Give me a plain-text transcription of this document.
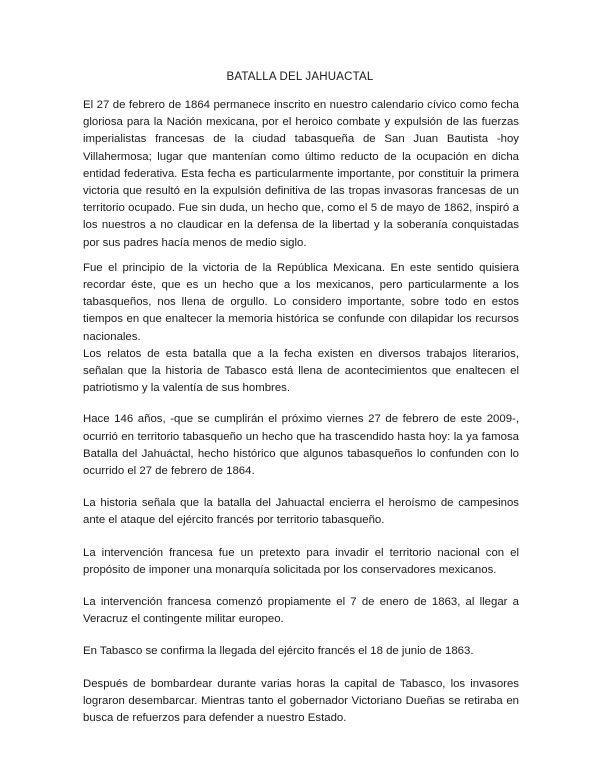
BATALLA DEL JAHUACTAL

El 27 de febrero de 1864 permanece inscrito en nuestro calendario cívico como fecha gloriosa para la Nación mexicana, por el heroico combate y expulsión de las fuerzas imperialistas francesas de la ciudad tabasqueña de San Juan Bautista -hoy Villahermosa; lugar que mantenían como último reducto de la ocupación en dicha entidad federativa. Esta fecha es particularmente importante, por constituir la primera victoria que resultó en la expulsión definitiva de las tropas invasoras francesas de un territorio ocupado. Fue sin duda, un hecho que, como el 5 de mayo de 1862, inspiró a los nuestros a no claudicar en la defensa de la libertad y la soberanía conquistadas por sus padres hacía menos de medio siglo.

Fue el principio de la victoria de la República Mexicana. En este sentido quisiera recordar éste, que es un hecho que a los mexicanos, pero particularmente a los tabasqueños, nos llena de orgullo. Lo considero importante, sobre todo en estos tiempos en que enaltecer la memoria histórica se confunde con dilapidar los recursos nacionales.

Los relatos de esta batalla que a la fecha existen en diversos trabajos literarios, señalan que la historia de Tabasco está llena de acontecimientos que enaltecen el patriotismo y la valentía de sus hombres.

Hace 146 años, -que se cumplirán el próximo viernes 27 de febrero de este 2009-, ocurrió en territorio tabasqueño un hecho que ha trascendido hasta hoy: la ya famosa Batalla del Jahuáctal, hecho histórico que algunos tabasqueños lo confunden con lo ocurrido el 27 de febrero de 1864.

La historia señala que la batalla del Jahuactal encierra el heroísmo de campesinos ante el ataque del ejército francés por territorio tabasqueño.

La intervención francesa fue un pretexto para invadir el territorio nacional con el propósito de imponer una monarquía solicitada por los conservadores mexicanos.

La intervención francesa comenzó propiamente el 7 de enero de 1863, al llegar a Veracruz el contingente militar europeo.

En Tabasco se confirma la llegada del ejército francés el 18 de junio de 1863.

Después de bombardear durante varias horas la capital de Tabasco, los invasores lograron desembarcar. Mientras tanto el gobernador Victoriano Dueñas se retiraba en busca de refuerzos para defender a nuestro Estado.
